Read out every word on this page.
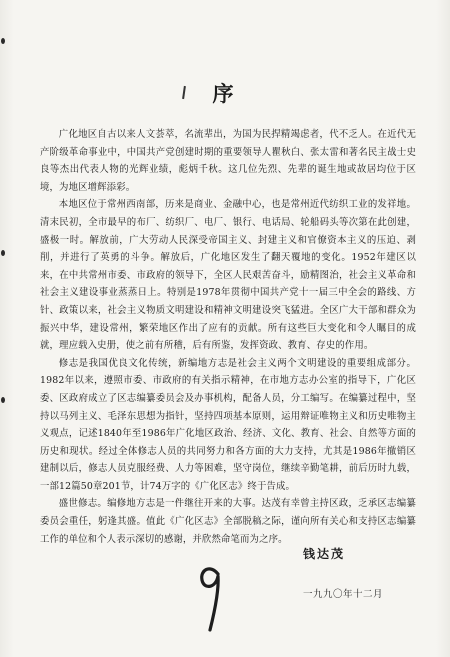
序

广化地区自古以来人文荟萃，名流辈出，为国为民捍精竭虑者，代不乏人。在近代无产阶级革命事业中，中国共产党创建时期的重要领导人瞿秋白、张太雷和著名民主战士史良等杰出代表人物的光辉业绩，彪炳千秋。这几位先烈、先辈的诞生地或故居均位于区境，为地区增辉添彩。

本地区位于常州西南部，历来是商业、金融中心，也是常州近代纺织工业的发祥地。清末民初，全市最早的布厂、纺织厂、电厂、银行、电话局、轮船码头等次第在此创建，盛极一时。解放前，广大劳动人民深受帝国主义、封建主义和官僚资本主义的压迫、剥削，并进行了英勇的斗争。解放后，广化地区发生了翻天覆地的变化。1952年建区以来，在中共常州市委、市政府的领导下，全区人民艰苦奋斗，励精图治，社会主义革命和社会主义建设事业蒸蒸日上。特别是1978年贯彻中国共产党十一届三中全会的路线、方针、政策以来，社会主义物质文明建设和精神文明建设突飞猛进。全区广大干部和群众为振兴中华，建设常州，繁荣地区作出了应有的贡献。所有这些巨大变化和令人瞩目的成就，理应载入史册，使之前有所稽，后有所鉴，发挥资政、教育、存史的作用。

修志是我国优良文化传统，新编地方志是社会主义两个文明建设的重要组成部分。1982年以来，遵照市委、市政府的有关指示精神，在市地方志办公室的指导下，广化区委、区政府成立了区志编纂委员会及办事机构，配备人员，分工编写。在编纂过程中，坚持以马列主义、毛泽东思想为指针，坚持四项基本原则，运用辩证唯物主义和历史唯物主义观点，记述1840年至1986年广化地区政治、经济、文化、教育、社会、自然等方面的历史和现状。经过全体修志人员的共同努力和各方面的大力支持，尤其是1986年撤销区建制以后，修志人员克服经费、人力等困难，坚守岗位，继续辛勤笔耕，前后历时九载，一部12篇50章201节，计74万字的《广化区志》终于告成。

盛世修志。编修地方志是一件继往开来的大事。达茂有幸曾主持区政，乏承区志编纂委员会重任，躬逢其盛。值此《广化区志》全部脱稿之际，谨向所有关心和支持区志编纂工作的单位和个人表示深切的感谢，并欣然命笔而为之序。

钱达茂
一九九〇年十二月
